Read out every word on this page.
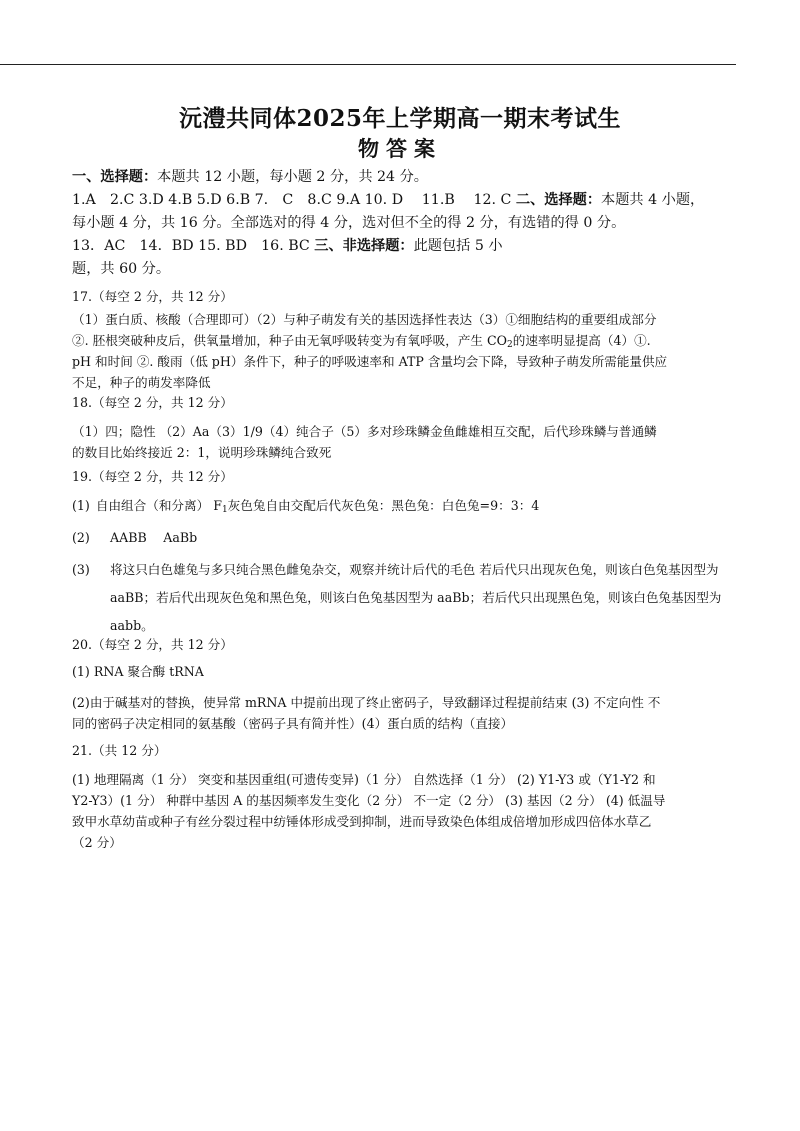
沅澧共同体2025年上学期高一期末考试生
物答案
一、选择题：本题共 12 小题，每小题 2 分，共 24 分。
1.A　2.C 3.D 4.B 5.D 6.B 7.　C　8.C 9.A 10. D　 11.B　 12. C 二、选择题：本题共 4 小题，
每小题 4 分，共 16 分。全部选对的得 4 分，选对但不全的得 2 分，有选错的得 0 分。
13．AC　14．BD 15. BD　16. BC 三、非选择题：此题包括 5 小
题，共 60 分。
17.（每空 2 分，共 12 分）
（1）蛋白质、核酸（合理即可）（2）与种子萌发有关的基因选择性表达（3）①细胞结构的重要组成部分
②. 胚根突破种皮后，供氧量增加，种子由无氧呼吸转变为有氧呼吸，产生 $CO_2$的速率明显提高（4）①.
pH 和时间 ②. 酸雨（低 pH）条件下，种子的呼吸速率和 ATP 含量均会下降，导致种子萌发所需能量供应
不足，种子的萌发率降低
18.（每空 2 分，共 12 分）
（1）四；隐性 （2）Aa（3）1/9（4）纯合子（5）多对珍珠鳞金鱼雌雄相互交配，后代珍珠鳞与普通鳞
的数目比始终接近 2：1，说明珍珠鳞纯合致死
19.（每空 2 分，共 12 分）
(1) 自由组合（和分离） $F_1$灰色兔自由交配后代灰色兔：黑色兔：白色兔=9：3：4
(2)	AABB　 AaBb
(3)	将这只白色雄兔与多只纯合黑色雌兔杂交，观察并统计后代的毛色 若后代只出现灰色兔，则该白色兔基因型为 aaBB；若后代出现灰色兔和黑色兔，则该白色兔基因型为 aaBb；若后代只出现黑色兔，则该白色兔基因型为 aabb。
20.（每空 2 分，共 12 分）
(1) RNA 聚合酶 tRNA
(2)由于碱基对的替换，使异常 mRNA 中提前出现了终止密码子，导致翻译过程提前结束 (3) 不定向性 不
同的密码子决定相同的氨基酸（密码子具有简并性）(4）蛋白质的结构（直接）
21.（共 12 分）
(1) 地理隔离（1 分） 突变和基因重组(可遗传变异)（1 分） 自然选择（1 分） (2) Y1-Y3 或（Y1-Y2 和
Y2-Y3）(1 分） 种群中基因 A 的基因频率发生变化（2 分） 不一定（2 分） (3) 基因（2 分） (4) 低温导
致甲水草幼苗或种子有丝分裂过程中纺锤体形成受到抑制，进而导致染色体组成倍增加形成四倍体水草乙
（2 分）
